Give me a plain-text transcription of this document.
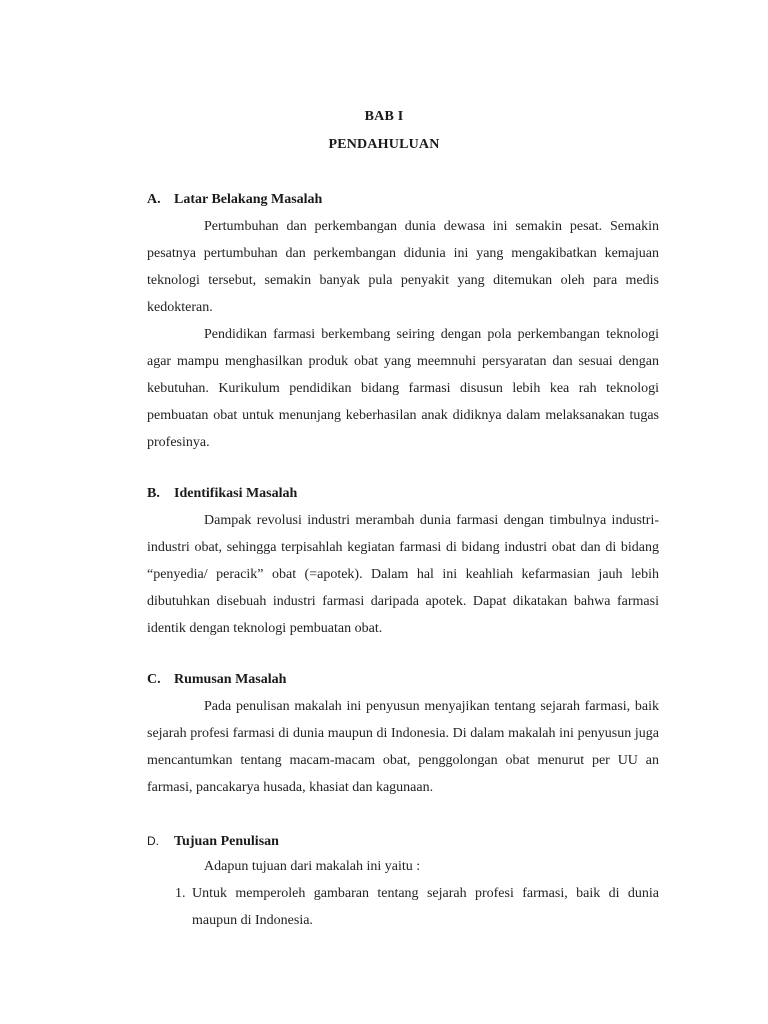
BAB I
PENDAHULUAN
A. Latar Belakang Masalah

Pertumbuhan dan perkembangan dunia dewasa ini semakin pesat. Semakin pesatnya pertumbuhan dan perkembangan didunia ini yang mengakibatkan kemajuan teknologi tersebut, semakin banyak pula penyakit yang ditemukan oleh para medis kedokteran.

Pendidikan farmasi berkembang seiring dengan pola perkembangan teknologi agar mampu menghasilkan produk obat yang meemnuhi persyaratan dan sesuai dengan kebutuhan. Kurikulum pendidikan bidang farmasi disusun lebih kea rah teknologi pembuatan obat untuk menunjang keberhasilan anak didiknya dalam melaksanakan tugas profesinya.

B. Identifikasi Masalah

Dampak revolusi industri merambah dunia farmasi dengan timbulnya industri-industri obat, sehingga terpisahlah kegiatan farmasi di bidang industri obat dan di bidang “penyedia/ peracik” obat (=apotek). Dalam hal ini keahliah kefarmasian jauh lebih dibutuhkan disebuah industri farmasi daripada apotek. Dapat dikatakan bahwa farmasi identik dengan teknologi pembuatan obat.

C. Rumusan Masalah

Pada penulisan makalah ini penyusun menyajikan tentang sejarah farmasi, baik sejarah profesi farmasi di dunia maupun di Indonesia. Di dalam makalah ini penyusun juga mencantumkan tentang macam-macam obat, penggolongan obat menurut per UU an farmasi, pancakarya husada, khasiat dan kagunaan.

D. Tujuan Penulisan

Adapun tujuan dari makalah ini yaitu :

1. Untuk memperoleh gambaran tentang sejarah profesi farmasi, baik di dunia maupun di Indonesia.
